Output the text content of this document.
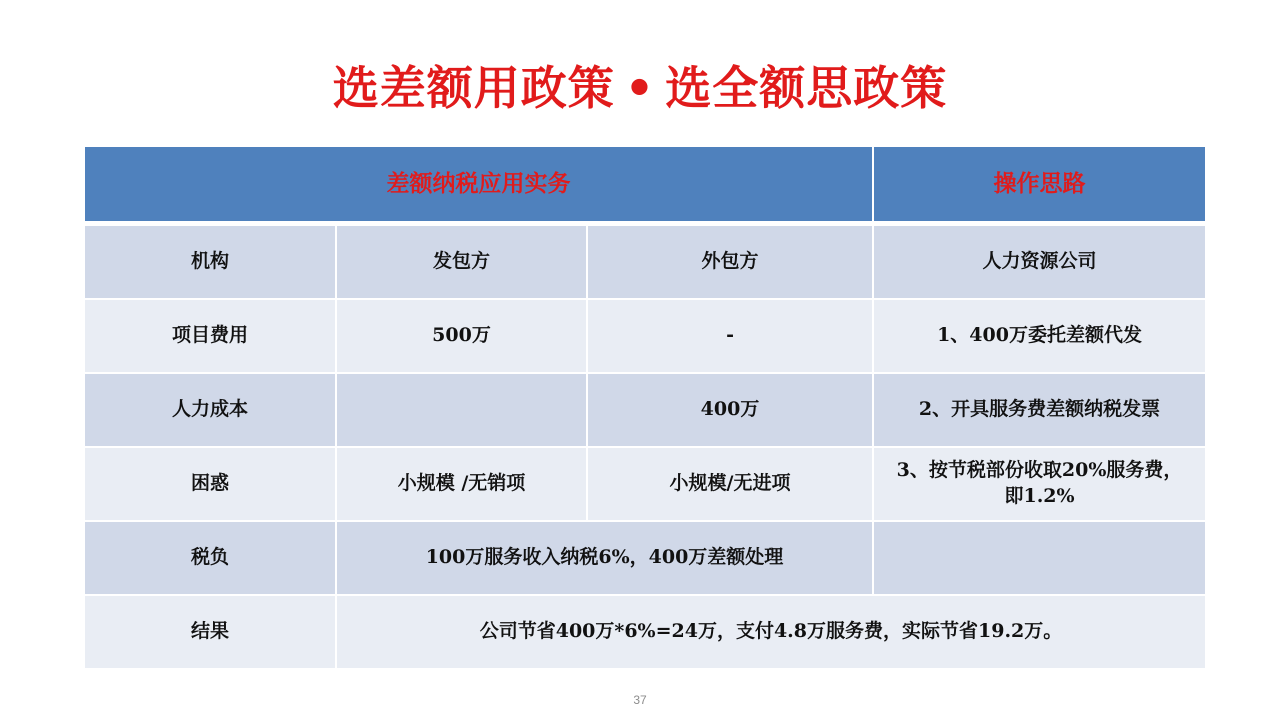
选差额用政策 • 选全额思政策
差额纳税应用实务			操作思路
机构	发包方	外包方	人力资源公司
项目费用	500万	-	1、400万委托差额代发
人力成本		400万	2、开具服务费差额纳税发票
困惑	小规模 /无销项	小规模/无进项	3、按节税部份收取20%服务费，即1.2%
税负	100万服务收入纳税6%，400万差额处理		
结果	公司节省400万*6%=24万，支付4.8万服务费，实际节省19.2万。		
37
